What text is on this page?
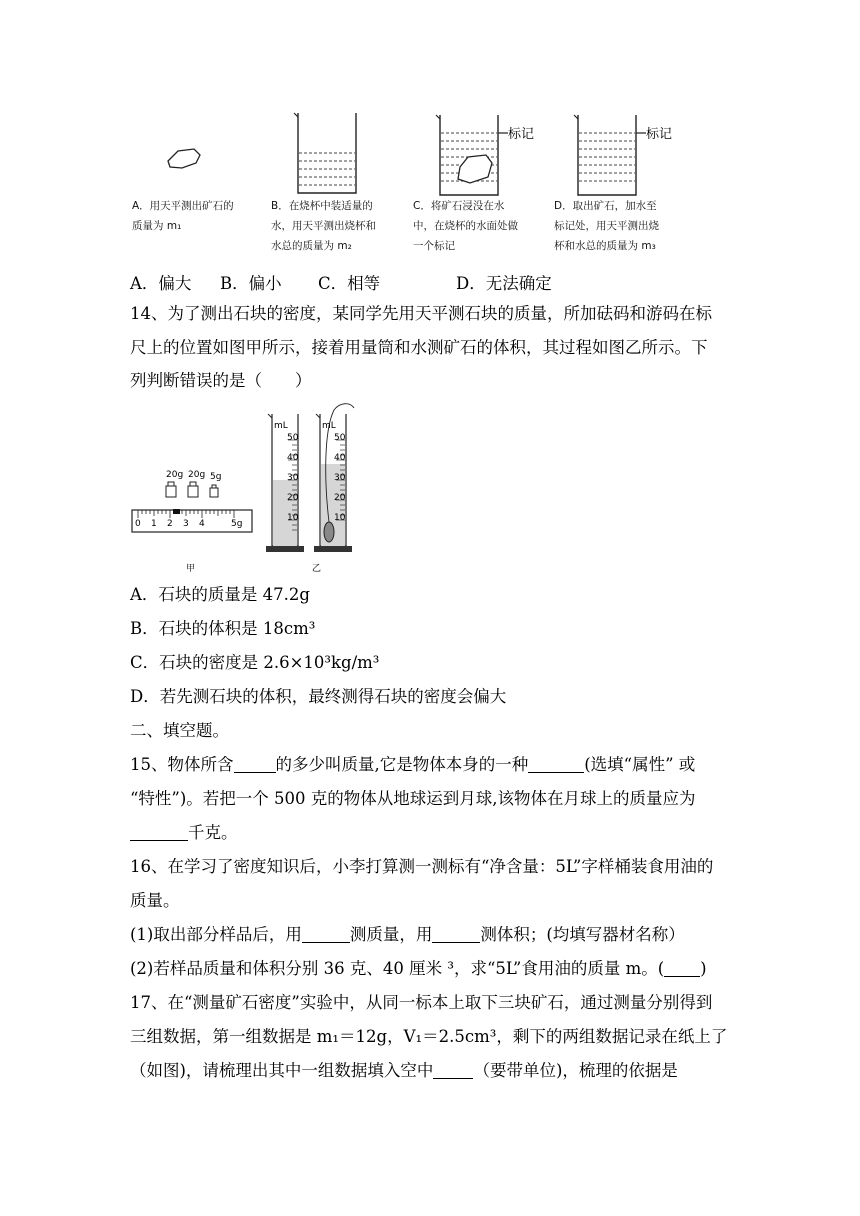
标记	标记
A．用天平测出矿石的
质量为 m₁
B．在烧杯中装适量的
水，用天平测出烧杯和
水总的质量为 m₂
C．将矿石浸没在水
中，在烧杯的水面处做
一个标记
D．取出矿石，加水至
标记处，用天平测出烧
杯和水总的质量为 m₃
A．偏大 B．偏小 C．相等	D．无法确定
14、为了测出石块的密度，某同学先用天平测石块的质量，所加砝码和游码在标
尺上的位置如图甲所示，接着用量筒和水测矿石的体积，其过程如图乙所示。下
列判断错误的是（　　）
20g 20g 5g
0 1 2 3 4	5g
mL
50
40
30
20
10
mL
50
40
30
20
10
甲	乙
A．石块的质量是 47.2g
B．石块的体积是 18cm³
C．石块的密度是 2.6×10³kg/m³
D．若先测石块的体积，最终测得石块的密度会偏大
二、填空题。
15、物体所含	的多少叫质量,它是物体本身的一种	(选填“属性” 或
“特性”)。若把一个 500 克的物体从地球运到月球,该物体在月球上的质量应为
千克。
16、在学习了密度知识后，小李打算测一测标有“净含量：5L”字样桶装食用油的
质量。
(1)取出部分样品后，用	测质量，用	测体积；(均填写器材名称）
(2)若样品质量和体积分别 36 克、40 厘米 ³，求“5L”食用油的质量 m。( )
17、在“测量矿石密度”实验中，从同一标本上取下三块矿石，通过测量分别得到
三组数据，第一组数据是 m₁＝12g，V₁＝2.5cm³，剩下的两组数据记录在纸上了
（如图)，请梳理出其中一组数据填入空中 （要带单位)，梳理的依据是
